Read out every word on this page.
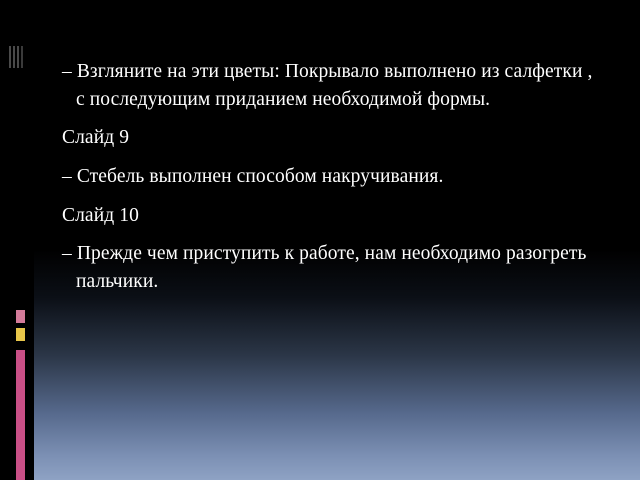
– Взгляните на эти цветы: Покрывало выполнено из салфетки , с последующим приданием необходимой формы.

Слайд 9

– Стебель выполнен способом накручивания.

Слайд 10

– Прежде чем приступить к работе, нам необходимо разогреть пальчики.
